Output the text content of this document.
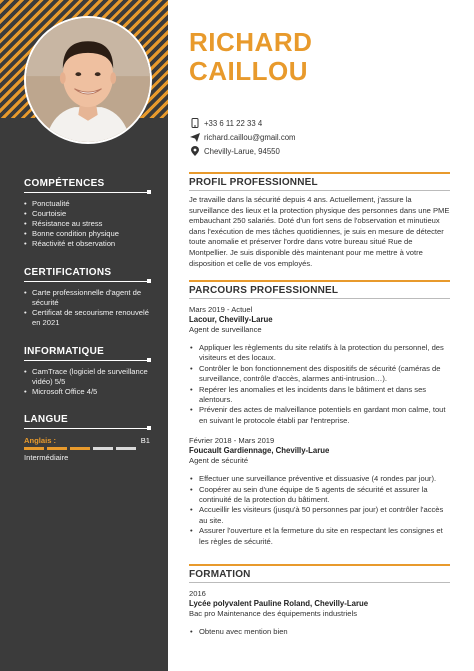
COMPÉTENCES
• Ponctualité
• Courtoisie
• Résistance au stress
• Bonne condition physique
• Réactivité et observation
CERTIFICATIONS
• Carte professionnelle d'agent de sécurité
• Certificat de secourisme renouvelé en 2021
INFORMATIQUE
• CamTrace (logiciel de surveillance vidéo) 5/5
• Microsoft Office 4/5
LANGUE
Anglais :	B1
Intermédiaire
RICHARD
CAILLOU
+33 6 11 22 33 4
richard.caillou@gmail.com
Chevilly-Larue, 94550
PROFIL PROFESSIONNEL
Je travaille dans la sécurité depuis 4 ans. Actuellement, j'assure la surveillance des lieux et la protection physique des personnes dans une PME embauchant 250 salariés. Doté d'un fort sens de l'observation et minutieux dans l'exécution de mes tâches quotidiennes, je suis en mesure de détecter toute anomalie et préserver l'ordre dans votre bureau situé Rue de Montpellier. Je suis disponible dès maintenant pour me mettre à votre disposition et celle de vos employés.
PARCOURS PROFESSIONNEL
Mars 2019 - Actuel
Lacour, Chevilly-Larue
Agent de surveillance
• Appliquer les règlements du site relatifs à la protection du personnel, des visiteurs et des locaux.
• Contrôler le bon fonctionnement des dispositifs de sécurité (caméras de surveillance, contrôle d'accès, alarmes anti-intrusion…).
• Repérer les anomalies et les incidents dans le bâtiment et dans ses alentours.
• Prévenir des actes de malveillance potentiels en gardant mon calme, tout en suivant le protocole établi par l'entreprise.
Février 2018 - Mars 2019
Foucault Gardiennage, Chevilly-Larue
Agent de sécurité
• Effectuer une surveillance préventive et dissuasive (4 rondes par jour).
• Coopérer au sein d'une équipe de 5 agents de sécurité et assurer la continuité de la protection du bâtiment.
• Accueillir les visiteurs (jusqu'à 50 personnes par jour) et contrôler l'accès au site.
• Assurer l'ouverture et la fermeture du site en respectant les consignes et les règles de sécurité.
FORMATION
2016
Lycée polyvalent Pauline Roland, Chevilly-Larue
Bac pro Maintenance des équipements industriels
• Obtenu avec mention bien
